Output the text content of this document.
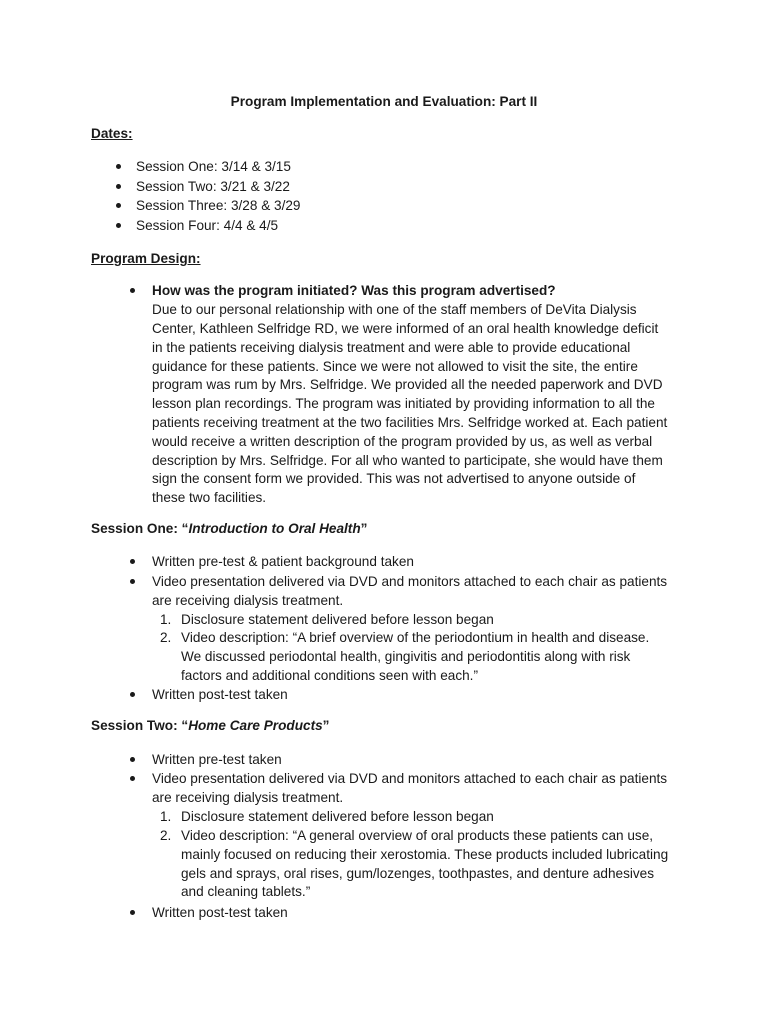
Program Implementation and Evaluation: Part II
Dates:
Session One: 3/14 & 3/15
Session Two: 3/21 & 3/22
Session Three: 3/28 & 3/29
Session Four: 4/4 & 4/5
Program Design:
How was the program initiated? Was this program advertised?
Due to our personal relationship with one of the staff members of DeVita Dialysis
Center, Kathleen Selfridge RD, we were informed of an oral health knowledge deficit
in the patients receiving dialysis treatment and were able to provide educational
guidance for these patients. Since we were not allowed to visit the site, the entire
program was rum by Mrs. Selfridge. We provided all the needed paperwork and DVD
lesson plan recordings. The program was initiated by providing information to all the
patients receiving treatment at the two facilities Mrs. Selfridge worked at. Each patient
would receive a written description of the program provided by us, as well as verbal
description by Mrs. Selfridge. For all who wanted to participate, she would have them
sign the consent form we provided. This was not advertised to anyone outside of
these two facilities.
Session One: “Introduction to Oral Health”
Written pre-test & patient background taken
Video presentation delivered via DVD and monitors attached to each chair as patients
are receiving dialysis treatment.
1. Disclosure statement delivered before lesson began
2. Video description: “A brief overview of the periodontium in health and disease.
We discussed periodontal health, gingivitis and periodontitis along with risk
factors and additional conditions seen with each.”
Written post-test taken
Session Two: “Home Care Products”
Written pre-test taken
Video presentation delivered via DVD and monitors attached to each chair as patients
are receiving dialysis treatment.
1. Disclosure statement delivered before lesson began
2. Video description: “A general overview of oral products these patients can use,
mainly focused on reducing their xerostomia. These products included lubricating
gels and sprays, oral rises, gum/lozenges, toothpastes, and denture adhesives
and cleaning tablets.”
Written post-test taken
